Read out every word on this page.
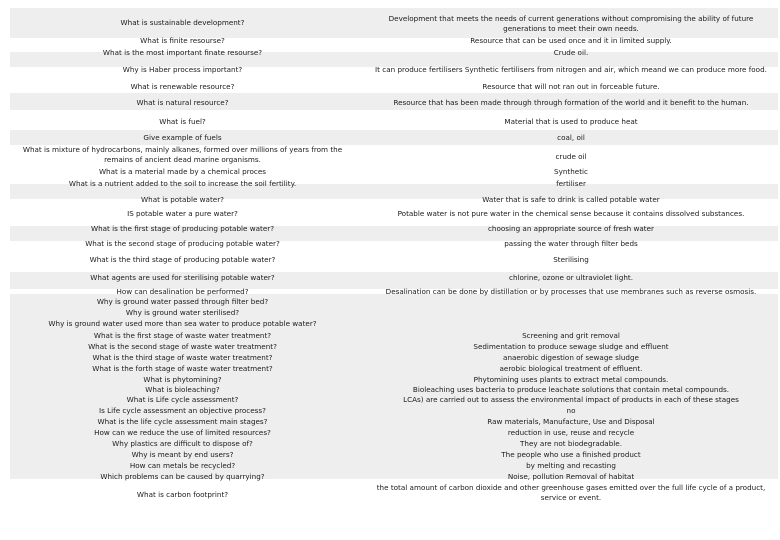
What is sustainable development?
What is finite resourse?
What is the most important finate resourse?
Why is Haber process important?
What is renewable resource?
What is natural resource?
What is fuel?
Give example of fuels
What is mixture of hydrocarbons, mainly alkanes, formed over millions of years from the remains of ancient dead marine organisms.
What is a material made by a chemical proces
What is a nutrient added to the soil to increase the soil fertility.
What is potable water?
IS potable water a pure water?
What is the first stage of producing potable water?
What is the second stage of producing potable water?
What is the third stage of producing potable water?
What agents are used for sterilising potable water?
How can desalination be performed?
Why is ground water passed through filter bed?
Why is ground water sterilised?
Why is ground water used more than sea water to produce potable water?
What is the first stage of waste water treatment?
What is the second stage of waste water treatment?
What is the third stage of waste water treatment?
What is the forth stage of waste water treatment?
What is phytomining?
What is bioleaching?
What is Life cycle assessment?
Is Life cycle assessment an objective process?
What is the life cycle assessment main stages?
How can we reduce the use of limited resources?
Why plastics are difficult to dispose of?
Why is meant by end users?
How can metals be recycled?
Which problems can be caused by quarrying?
What is carbon footprint?
Development that meets the needs of current generations without compromising the ability of future generations to meet their own needs.
Resource that can be used once and it in limited supply.
Crude oil.
It can produce fertilisers Synthetic fertilisers from nitrogen and air, which meand we can produce more food.
Resource that will not ran out in forceable future.
Resource that has been made through through formation of the world and it benefit to the human.
Material that is used to produce heat
coal, oil
crude oil
Synthetic
fertiliser
Water that is safe to drink is called potable water
Potable water is not pure water in the chemical sense because it contains dissolved substances.
choosing an appropriate source of fresh water
passing the water through filter beds
Sterilising
chlorine, ozone or ultraviolet light.
Desalination can be done by distillation or by processes that use membranes such as reverse osmosis.
Screening and grit removal
Sedimentation to produce sewage sludge and effluent
anaerobic digestion of sewage sludge
aerobic biological treatment of effluent.
Phytomining uses plants to extract metal compounds.
Bioleaching uses bacteria to produce leachate solutions that contain metal compounds.
LCAs) are carried out to assess the environmental impact of products in each of these stages
no
Raw materials, Manufacture, Use and Disposal
reduction in use, reuse and recycle
They are not biodegradable.
The people who use a finished product
by melting and recasting
Noise, pollution Removal of habitat
the total amount of carbon dioxide and other greenhouse gases emitted over the full life cycle of a product, service or event.
